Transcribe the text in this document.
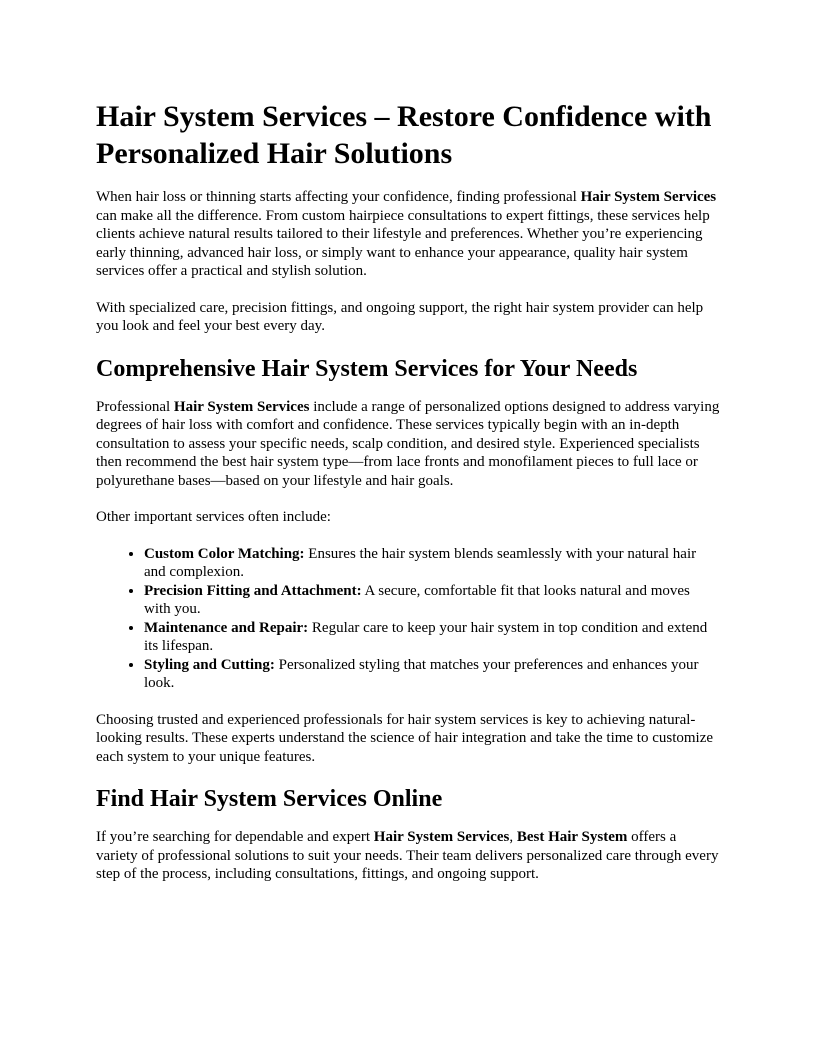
Hair System Services – Restore Confidence with Personalized Hair Solutions

When hair loss or thinning starts affecting your confidence, finding professional Hair System Services can make all the difference. From custom hairpiece consultations to expert fittings, these services help clients achieve natural results tailored to their lifestyle and preferences. Whether you’re experiencing early thinning, advanced hair loss, or simply want to enhance your appearance, quality hair system services offer a practical and stylish solution.

With specialized care, precision fittings, and ongoing support, the right hair system provider can help you look and feel your best every day.

Comprehensive Hair System Services for Your Needs

Professional Hair System Services include a range of personalized options designed to address varying degrees of hair loss with comfort and confidence. These services typically begin with an in-depth consultation to assess your specific needs, scalp condition, and desired style. Experienced specialists then recommend the best hair system type—from lace fronts and monofilament pieces to full lace or polyurethane bases—based on your lifestyle and hair goals.

Other important services often include:

• Custom Color Matching: Ensures the hair system blends seamlessly with your natural hair and complexion.
• Precision Fitting and Attachment: A secure, comfortable fit that looks natural and moves with you.
• Maintenance and Repair: Regular care to keep your hair system in top condition and extend its lifespan.
• Styling and Cutting: Personalized styling that matches your preferences and enhances your look.

Choosing trusted and experienced professionals for hair system services is key to achieving natural-looking results. These experts understand the science of hair integration and take the time to customize each system to your unique features.

Find Hair System Services Online

If you’re searching for dependable and expert Hair System Services, Best Hair System offers a variety of professional solutions to suit your needs. Their team delivers personalized care through every step of the process, including consultations, fittings, and ongoing support.
